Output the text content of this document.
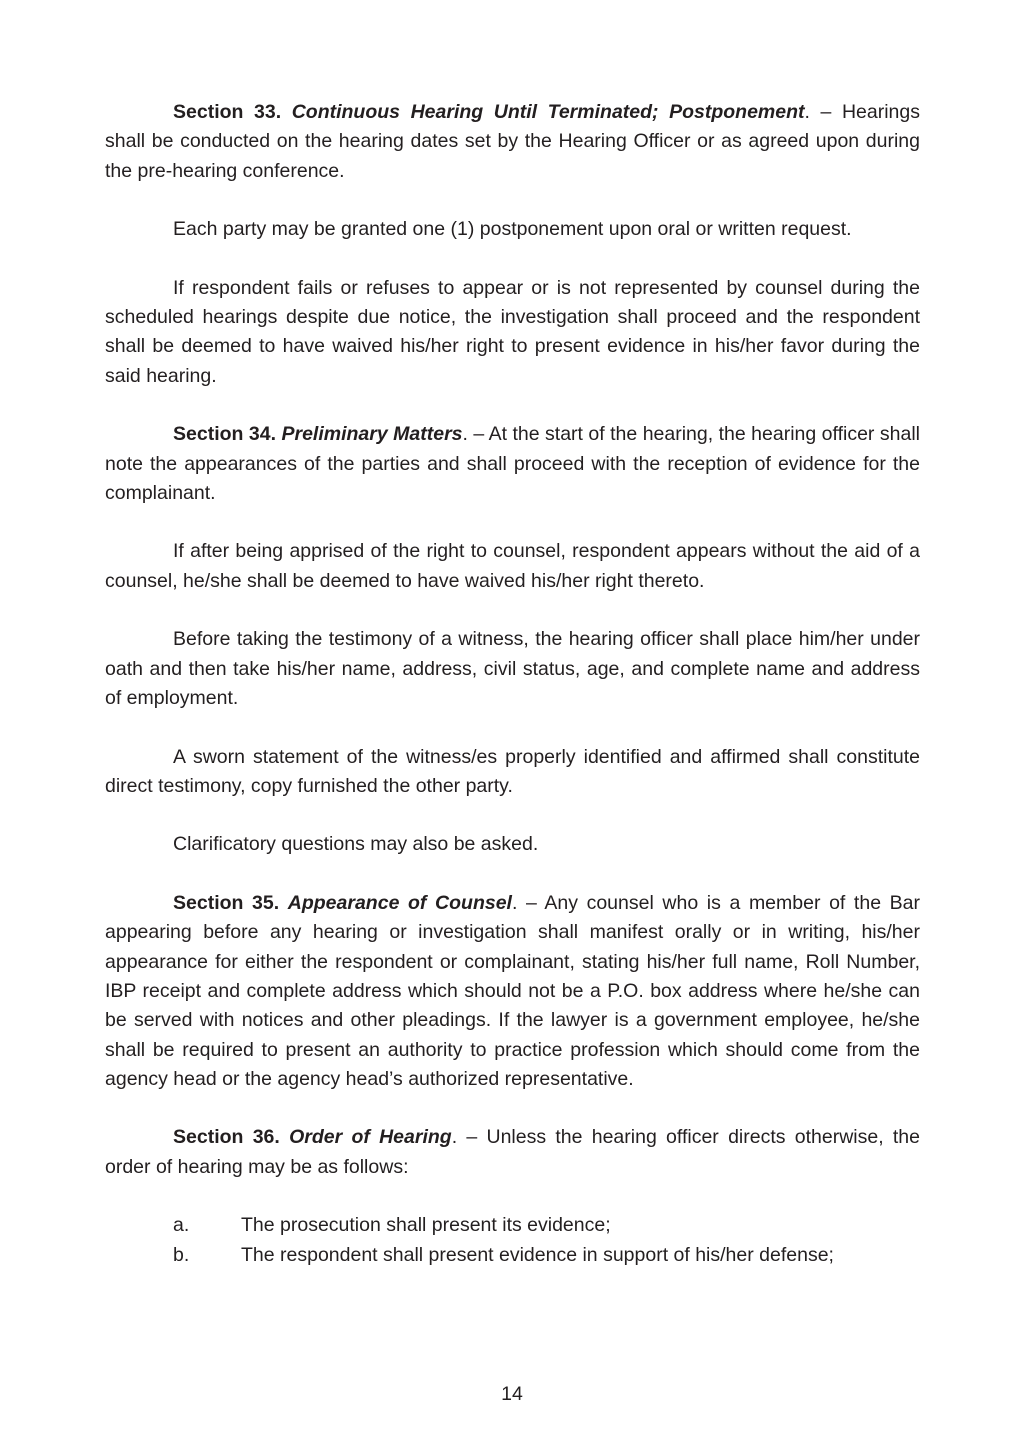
Section 33. Continuous Hearing Until Terminated; Postponement. – Hearings shall be conducted on the hearing dates set by the Hearing Officer or as agreed upon during the pre-hearing conference.

Each party may be granted one (1) postponement upon oral or written request.

If respondent fails or refuses to appear or is not represented by counsel during the scheduled hearings despite due notice, the investigation shall proceed and the respondent shall be deemed to have waived his/her right to present evidence in his/her favor during the said hearing.

Section 34. Preliminary Matters. – At the start of the hearing, the hearing officer shall note the appearances of the parties and shall proceed with the reception of evidence for the complainant.

If after being apprised of the right to counsel, respondent appears without the aid of a counsel, he/she shall be deemed to have waived his/her right thereto.

Before taking the testimony of a witness, the hearing officer shall place him/her under oath and then take his/her name, address, civil status, age, and complete name and address of employment.

A sworn statement of the witness/es properly identified and affirmed shall constitute direct testimony, copy furnished the other party.

Clarificatory questions may also be asked.

Section 35. Appearance of Counsel. – Any counsel who is a member of the Bar appearing before any hearing or investigation shall manifest orally or in writing, his/her appearance for either the respondent or complainant, stating his/her full name, Roll Number, IBP receipt and complete address which should not be a P.O. box address where he/she can be served with notices and other pleadings. If the lawyer is a government employee, he/she shall be required to present an authority to practice profession which should come from the agency head or the agency head’s authorized representative.

Section 36. Order of Hearing. – Unless the hearing officer directs otherwise, the order of hearing may be as follows:

a.	The prosecution shall present its evidence;
b.	The respondent shall present evidence in support of his/her defense;
14
